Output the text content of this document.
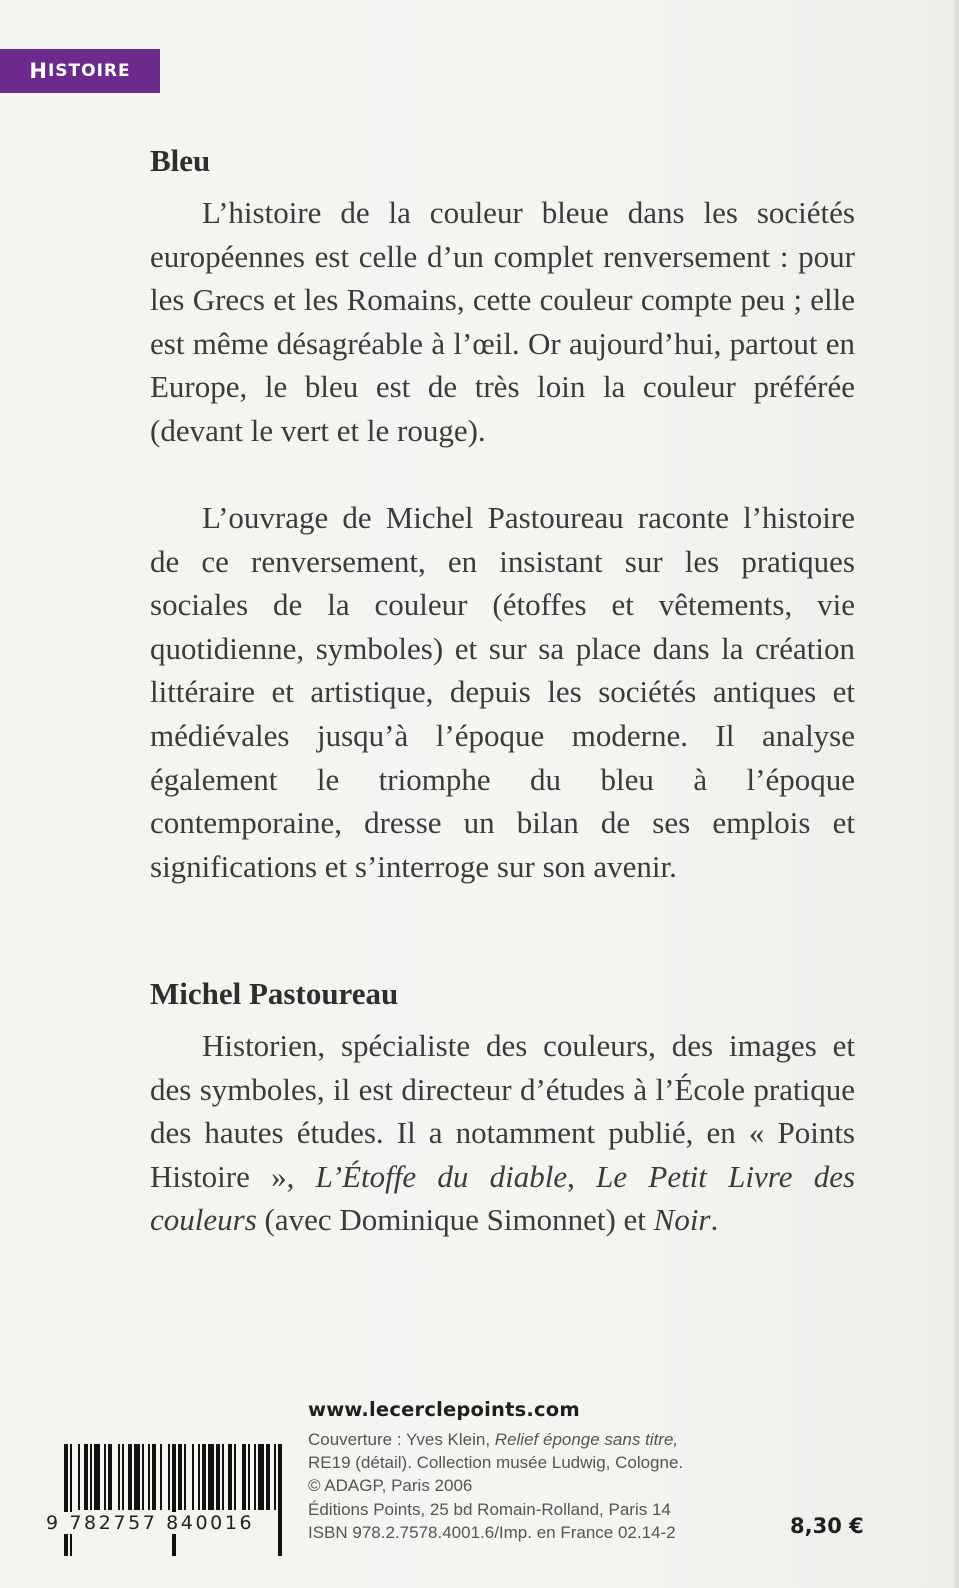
H ISTOIRE
Bleu

L’histoire de la couleur bleue dans les sociétés européennes est celle d’un complet renversement : pour les Grecs et les Romains, cette couleur compte peu ; elle est même désagréable à l’œil. Or aujourd’hui, partout en Europe, le bleu est de très loin la couleur préférée (devant le vert et le rouge).

L’ouvrage de Michel Pastoureau raconte l’histoire de ce renversement, en insistant sur les pratiques sociales de la couleur (étoffes et vêtements, vie quotidienne, symboles) et sur sa place dans la création littéraire et artistique, depuis les sociétés antiques et médiévales jusqu’à l’époque moderne. Il analyse également le triomphe du bleu à l’époque contemporaine, dresse un bilan de ses emplois et significations et s’interroge sur son avenir.

Michel Pastoureau

Historien, spécialiste des couleurs, des images et des symboles, il est directeur d’études à l’École pratique des hautes études. Il a notamment publié, en « Points Histoire », L’Étoffe du diable, Le Petit Livre des couleurs (avec Dominique Simonnet) et Noir.

www.lecerclepoints.com
Couverture : Yves Klein, Relief éponge sans titre,
RE19 (détail). Collection musée Ludwig, Cologne.
© ADAGP, Paris 2006
Éditions Points, 25 bd Romain-Rolland, Paris 14
ISBN 978.2.7578.4001.6/Imp. en France 02.14-2	8,30 €
9 782757 840016
